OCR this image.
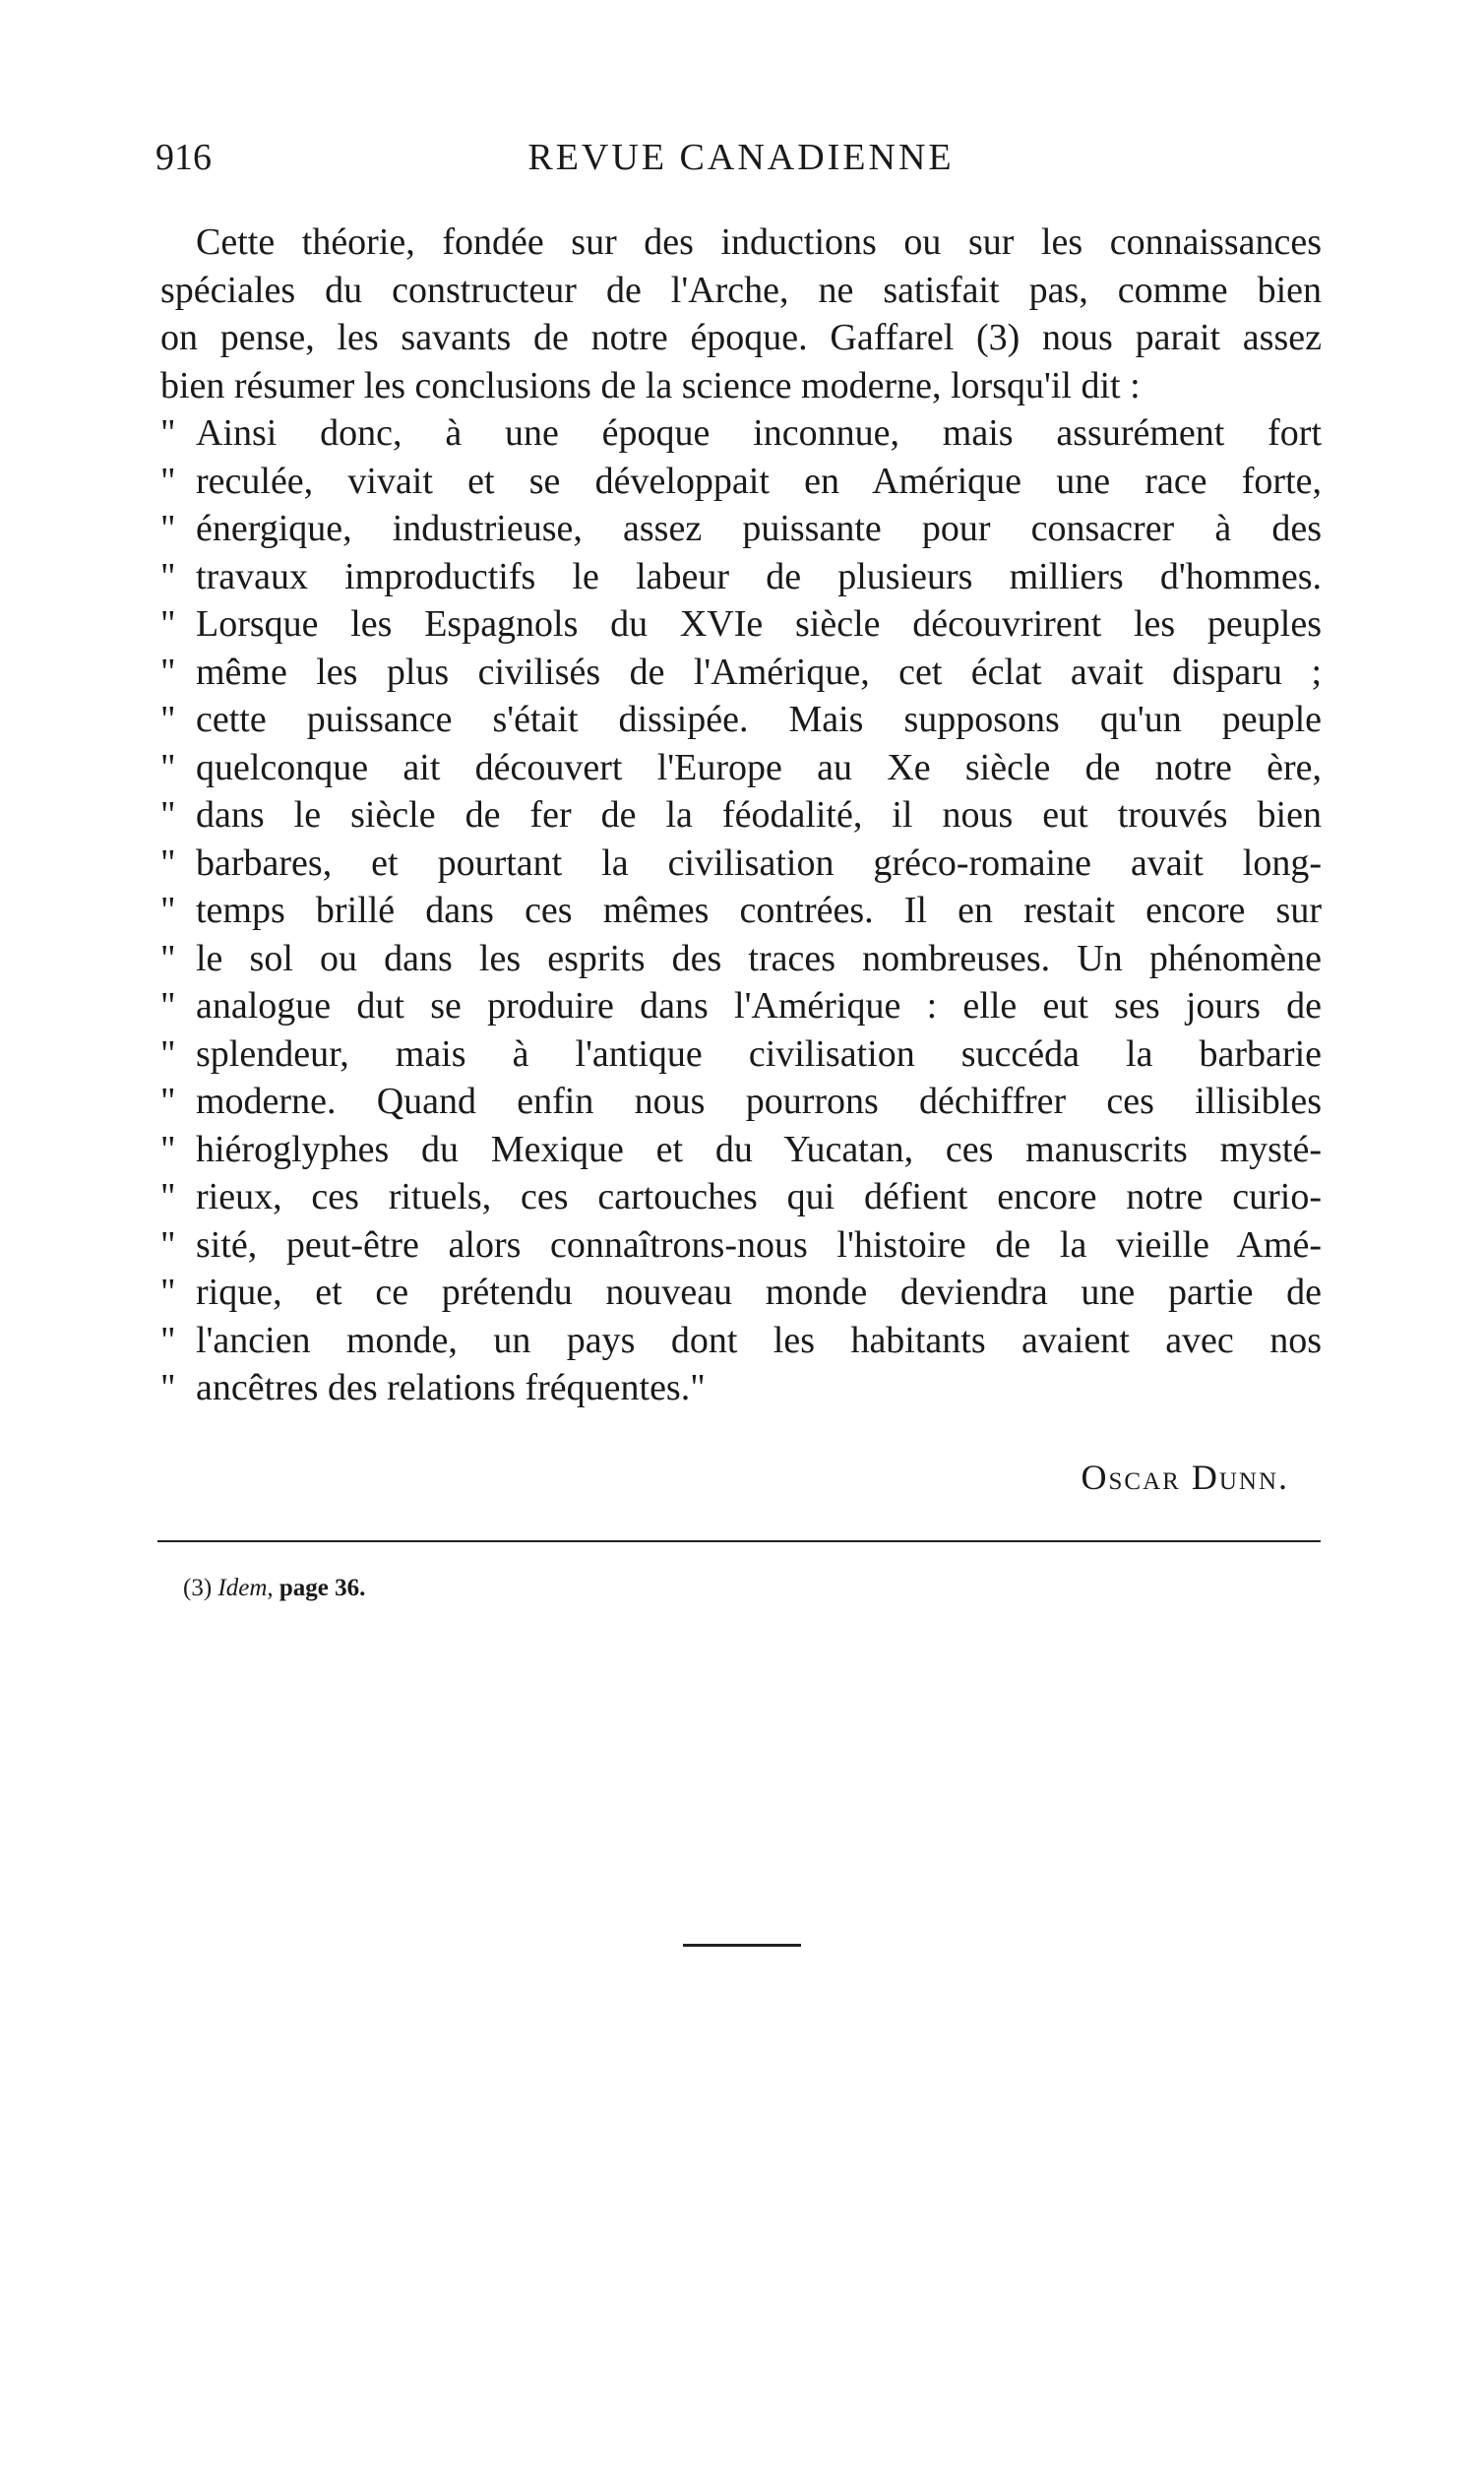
916	REVUE CANADIENNE
Cette théorie, fondée sur des inductions ou sur les connaissances
spéciales du constructeur de l'Arche, ne satisfait pas, comme bien
on pense, les savants de notre époque. Gaffarel (3) nous parait assez
bien résumer les conclusions de la science moderne, lorsqu'il dit :
" Ainsi donc, à une époque inconnue, mais assurément fort
" reculée, vivait et se développait en Amérique une race forte,
" énergique, industrieuse, assez puissante pour consacrer à des
" travaux improductifs le labeur de plusieurs milliers d'hommes.
" Lorsque les Espagnols du XVIe siècle découvrirent les peuples
" même les plus civilisés de l'Amérique, cet éclat avait disparu ;
" cette puissance s'était dissipée. Mais supposons qu'un peuple
" quelconque ait découvert l'Europe au Xe siècle de notre ère,
" dans le siècle de fer de la féodalité, il nous eut trouvés bien
" barbares, et pourtant la civilisation gréco-romaine avait long-
" temps brillé dans ces mêmes contrées. Il en restait encore sur
" le sol ou dans les esprits des traces nombreuses. Un phénomène
" analogue dut se produire dans l'Amérique : elle eut ses jours de
" splendeur, mais à l'antique civilisation succéda la barbarie
" moderne. Quand enfin nous pourrons déchiffrer ces illisibles
" hiéroglyphes du Mexique et du Yucatan, ces manuscrits mysté-
" rieux, ces rituels, ces cartouches qui défient encore notre curio-
" sité, peut-être alors connaîtrons-nous l'histoire de la vieille Amé-
" rique, et ce prétendu nouveau monde deviendra une partie de
" l'ancien monde, un pays dont les habitants avaient avec nos
" ancêtres des relations fréquentes."
Oscar Dunn.
(3) Idem, page 36.
